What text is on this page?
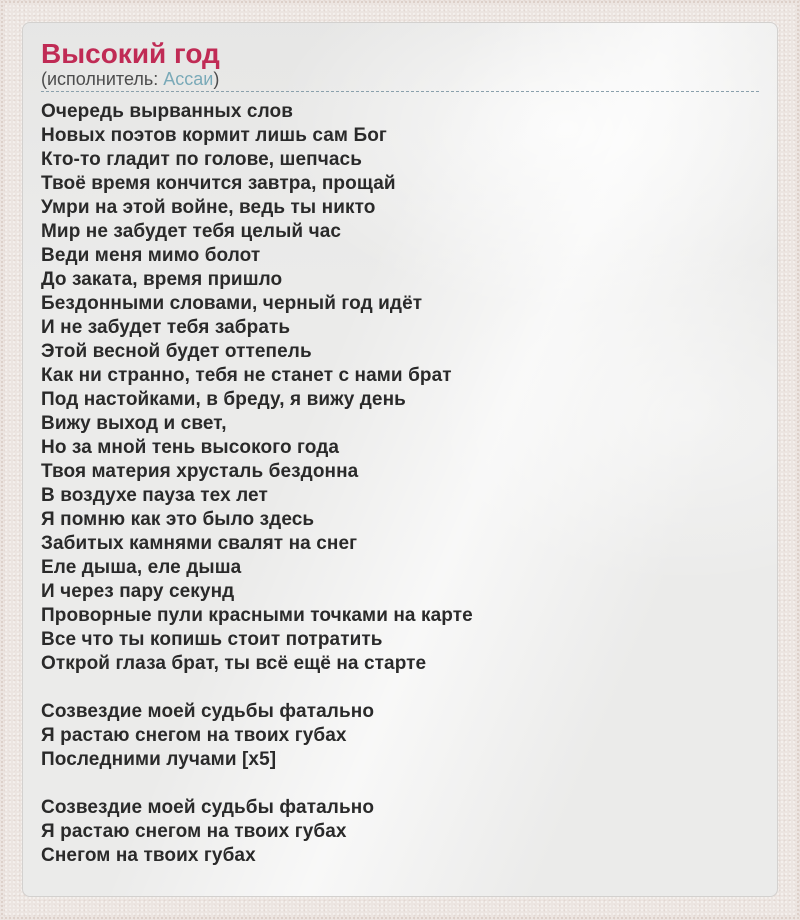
Высокий год

(исполнитель: Ассаи)

Очередь вырванных слов
Новых поэтов кормит лишь сам Бог
Кто-то гладит по голове, шепчась
Твоё время кончится завтра, прощай
Умри на этой войне, ведь ты никто
Мир не забудет тебя целый час
Веди меня мимо болот
До заката, время пришло
Бездонными словами, черный год идёт
И не забудет тебя забрать
Этой весной будет оттепель
Как ни странно, тебя не станет с нами брат
Под настойками, в бреду, я вижу день
Вижу выход и свет,
Но за мной тень высокого года
Твоя материя хрусталь бездонна
В воздухе пауза тех лет
Я помню как это было здесь
Забитых камнями свалят на снег
Еле дыша, еле дыша
И через пару секунд
Проворные пули красными точками на карте
Все что ты копишь стоит потратить
Открой глаза брат, ты всё ещё на старте

Созвездие моей судьбы фатально
Я растаю снегом на твоих губах
Последними лучами [х5]

Созвездие моей судьбы фатально
Я растаю снегом на твоих губах
Снегом на твоих губах
